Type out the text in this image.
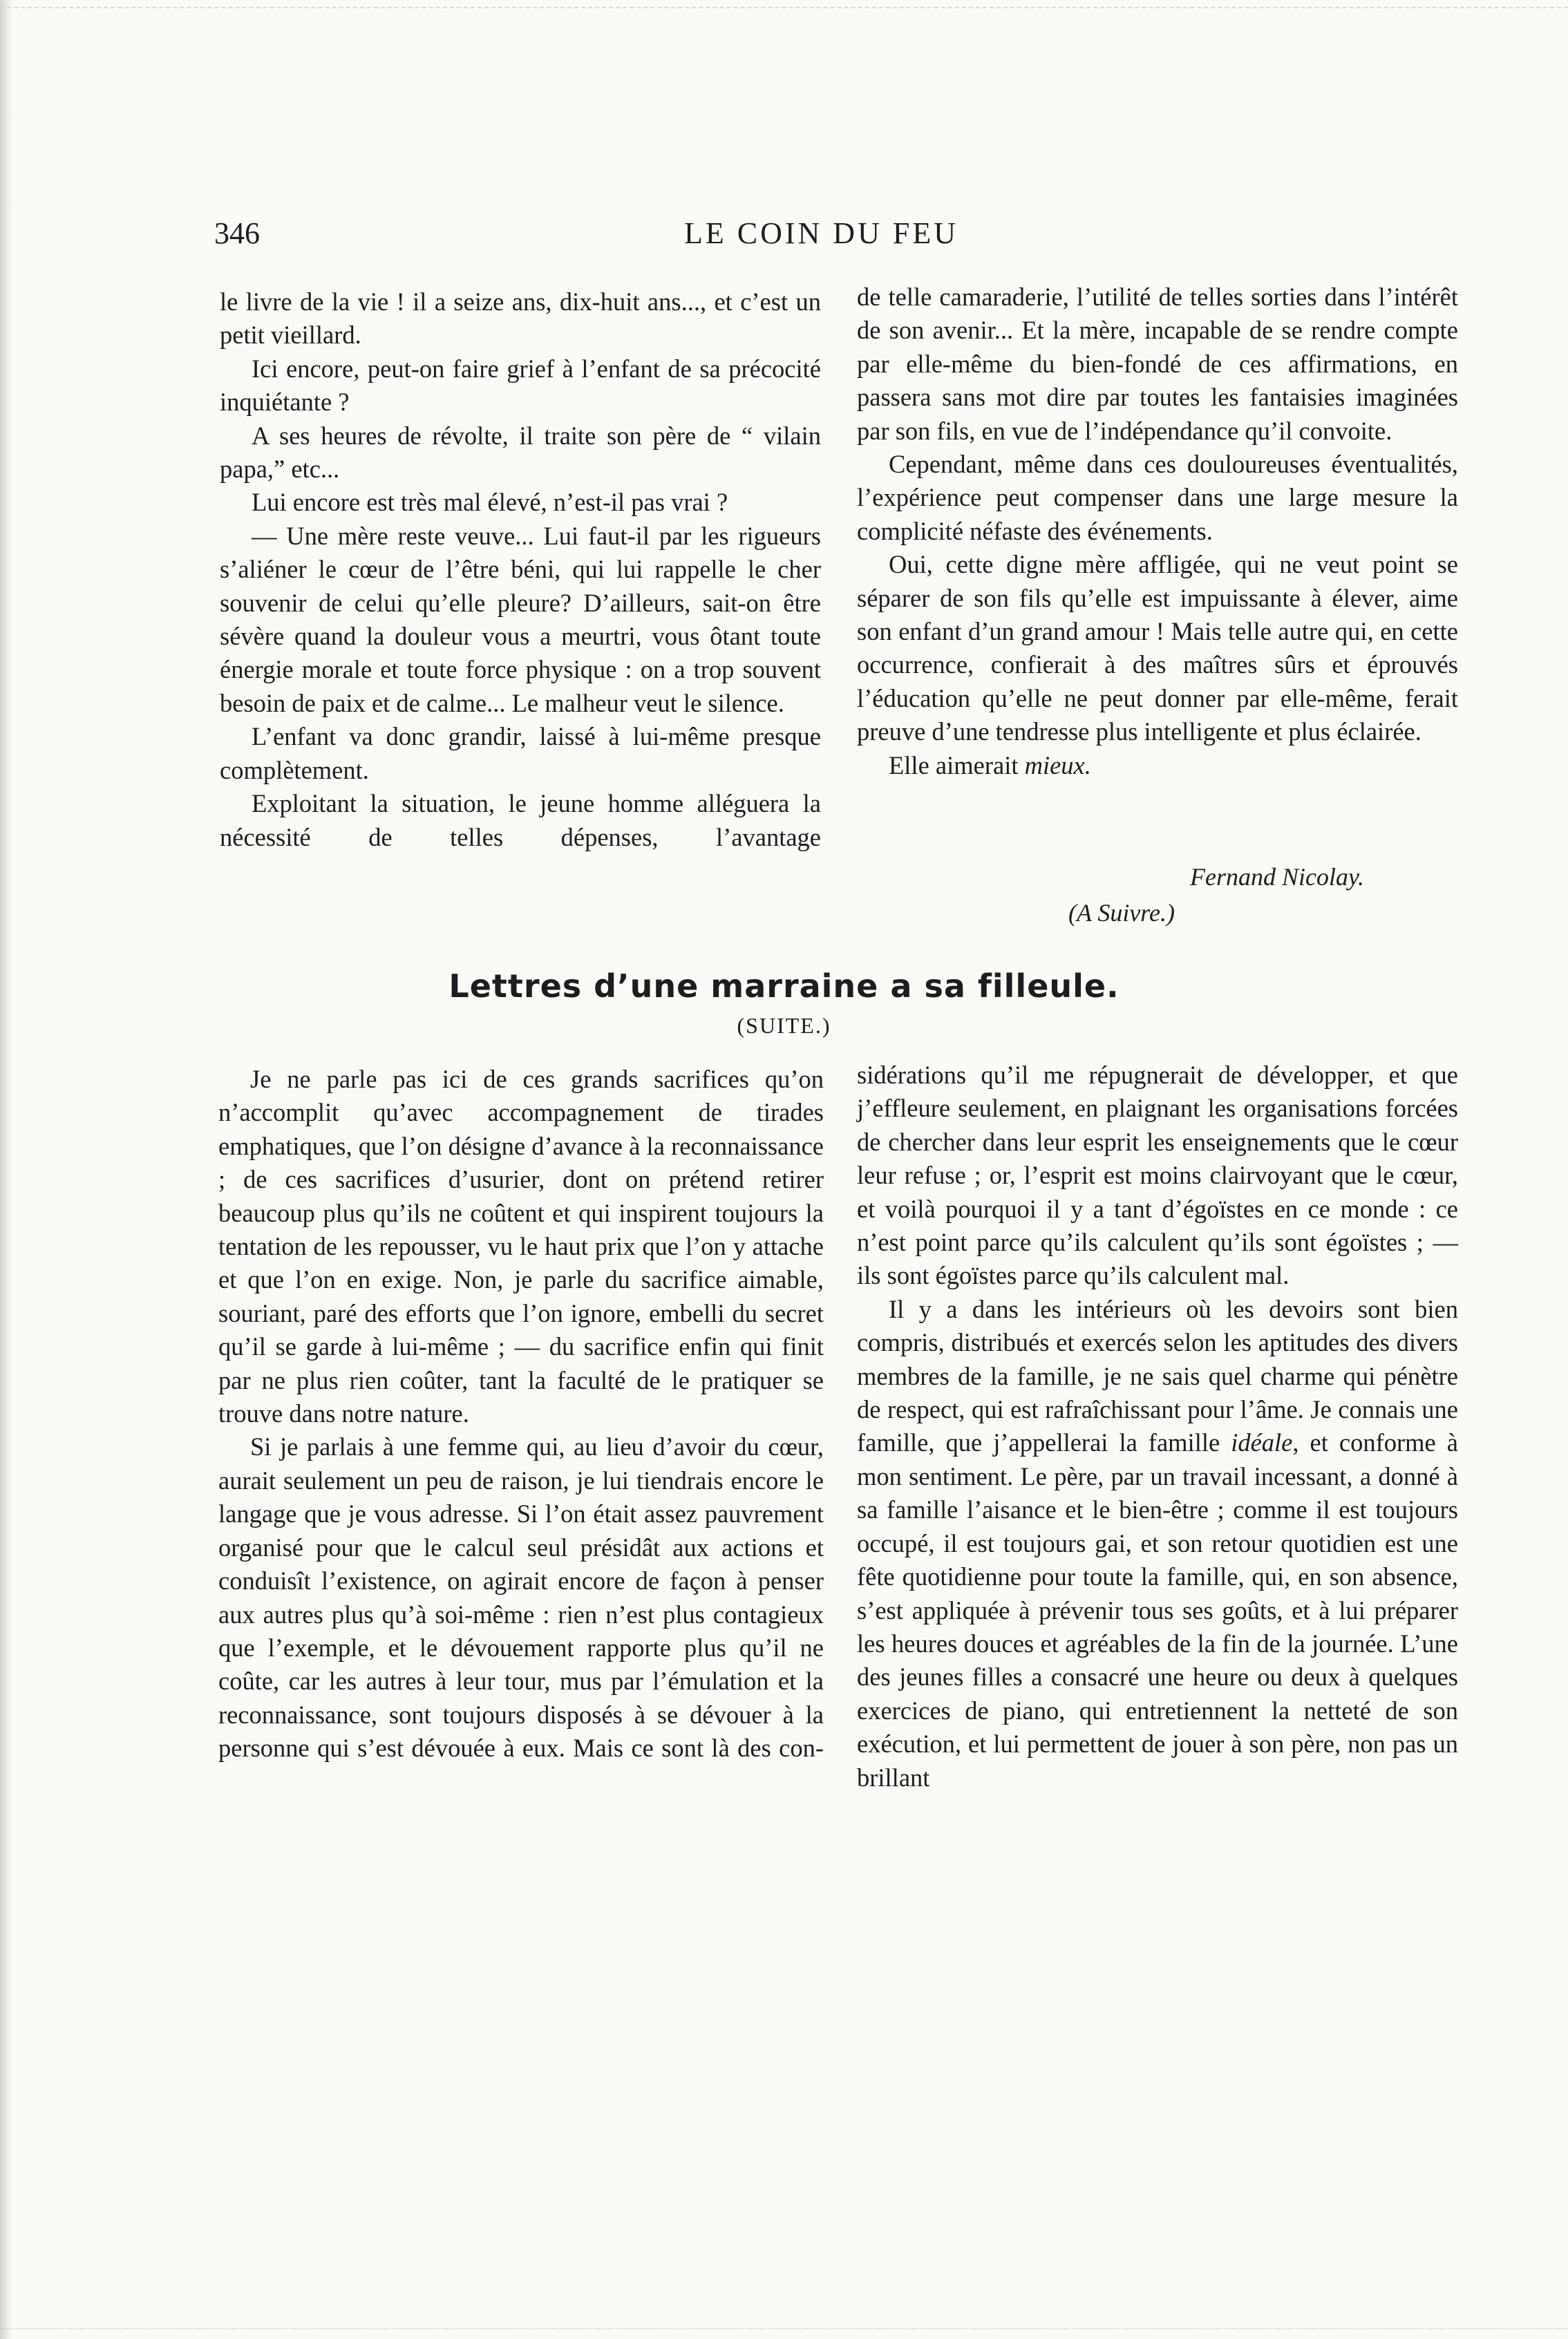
346	LE COIN DU FEU

le livre de la vie ! il a seize ans, dix-huit ans..., et c’est un petit vieillard.

Ici encore, peut-on faire grief à l’enfant de sa précocité inquiétante ?

A ses heures de révolte, il traite son père de “ vilain papa,” etc...

Lui encore est très mal élevé, n’est-il pas vrai ?

— Une mère reste veuve... Lui faut-il par les rigueurs s’aliéner le cœur de l’être béni, qui lui rappelle le cher souvenir de celui qu’elle pleure? D’ailleurs, sait-on être sévère quand la douleur vous a meurtri, vous ôtant toute énergie morale et toute force physique : on a trop souvent besoin de paix et de calme... Le malheur veut le silence.

L’enfant va donc grandir, laissé à lui-même presque complètement.

Exploitant la situation, le jeune homme alléguera la nécessité de telles dépenses, l’avantage

de telle camaraderie, l’utilité de telles sorties dans l’intérêt de son avenir... Et la mère, incapable de se rendre compte par elle-même du bien-fondé de ces affirmations, en passera sans mot dire par toutes les fantaisies imaginées par son fils, en vue de l’indépendance qu’il convoite.

Cependant, même dans ces douloureuses éventualités, l’expérience peut compenser dans une large mesure la complicité néfaste des événements.

Oui, cette digne mère affligée, qui ne veut point se séparer de son fils qu’elle est impuissante à élever, aime son enfant d’un grand amour ! Mais telle autre qui, en cette occurrence, confierait à des maîtres sûrs et éprouvés l’éducation qu’elle ne peut donner par elle-même, ferait preuve d’une tendresse plus intelligente et plus éclairée.

Elle aimerait mieux.

Fernand Nicolay.
(A Suivre.)
Lettres d’une marraine a sa filleule.
(SUITE.)

Je ne parle pas ici de ces grands sacrifices qu’on n’accomplit qu’avec accompagnement de tirades emphatiques, que l’on désigne d’avance à la reconnaissance ; de ces sacrifices d’usurier, dont on prétend retirer beaucoup plus qu’ils ne coûtent et qui inspirent toujours la tentation de les repousser, vu le haut prix que l’on y attache et que l’on en exige. Non, je parle du sacrifice aimable, souriant, paré des efforts que l’on ignore, embelli du secret qu’il se garde à lui-même ; — du sacrifice enfin qui finit par ne plus rien coûter, tant la faculté de le pratiquer se trouve dans notre nature.

Si je parlais à une femme qui, au lieu d’avoir du cœur, aurait seulement un peu de raison, je lui tiendrais encore le langage que je vous adresse. Si l’on était assez pauvrement organisé pour que le calcul seul présidât aux actions et conduisît l’existence, on agirait encore de façon à penser aux autres plus qu’à soi-même : rien n’est plus contagieux que l’exemple, et le dévouement rapporte plus qu’il ne coûte, car les autres à leur tour, mus par l’émulation et la reconnaissance, sont toujours disposés à se dévouer à la personne qui s’est dévouée à eux. Mais ce sont là des con-

sidérations qu’il me répugnerait de développer, et que j’effleure seulement, en plaignant les organisations forcées de chercher dans leur esprit les enseignements que le cœur leur refuse ; or, l’esprit est moins clairvoyant que le cœur, et voilà pourquoi il y a tant d’égoïstes en ce monde : ce n’est point parce qu’ils calculent qu’ils sont égoïstes ; — ils sont égoïstes parce qu’ils calculent mal.

Il y a dans les intérieurs où les devoirs sont bien compris, distribués et exercés selon les aptitudes des divers membres de la famille, je ne sais quel charme qui pénètre de respect, qui est rafraîchissant pour l’âme. Je connais une famille, que j’appellerai la famille idéale, et conforme à mon sentiment. Le père, par un travail incessant, a donné à sa famille l’aisance et le bien-être ; comme il est toujours occupé, il est toujours gai, et son retour quotidien est une fête quotidienne pour toute la famille, qui, en son absence, s’est appliquée à prévenir tous ses goûts, et à lui préparer les heures douces et agréables de la fin de la journée. L’une des jeunes filles a consacré une heure ou deux à quelques exercices de piano, qui entretiennent la netteté de son exécution, et lui permettent de jouer à son père, non pas un brillant
